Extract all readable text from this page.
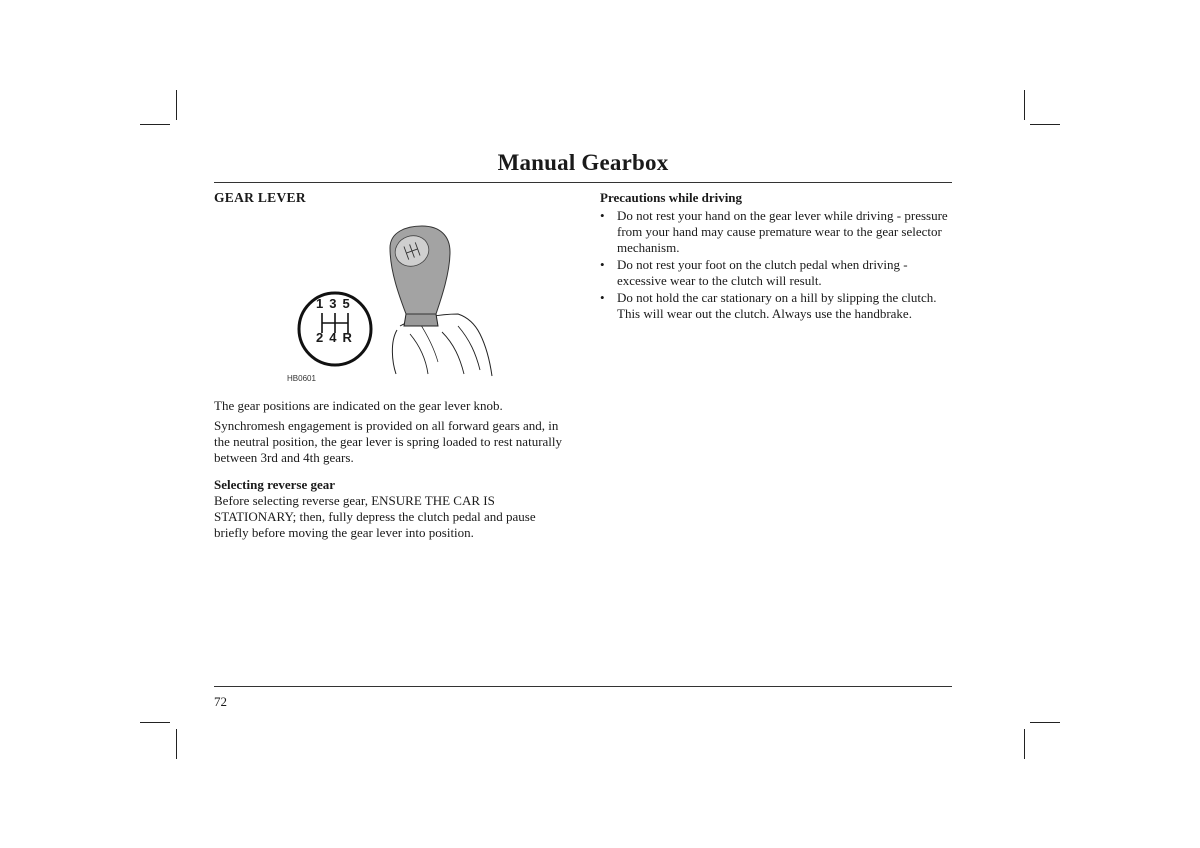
Manual Gearbox

GEAR LEVER

1 3 5
2 4 R
HB0601
The gear positions are indicated on the gear lever knob.
Synchromesh engagement is provided on all forward gears and, in the neutral position, the gear lever is spring loaded to rest naturally between 3rd and 4th gears.

Selecting reverse gear

Before selecting reverse gear, ENSURE THE CAR IS STATIONARY; then, fully depress the clutch pedal and pause briefly before moving the gear lever into position.

Precautions while driving

• Do not rest your hand on the gear lever while driving - pressure from your hand may cause premature wear to the gear selector mechanism.
• Do not rest your foot on the clutch pedal when driving - excessive wear to the clutch will result.
• Do not hold the car stationary on a hill by slipping the clutch. This will wear out the clutch. Always use the handbrake.
72
